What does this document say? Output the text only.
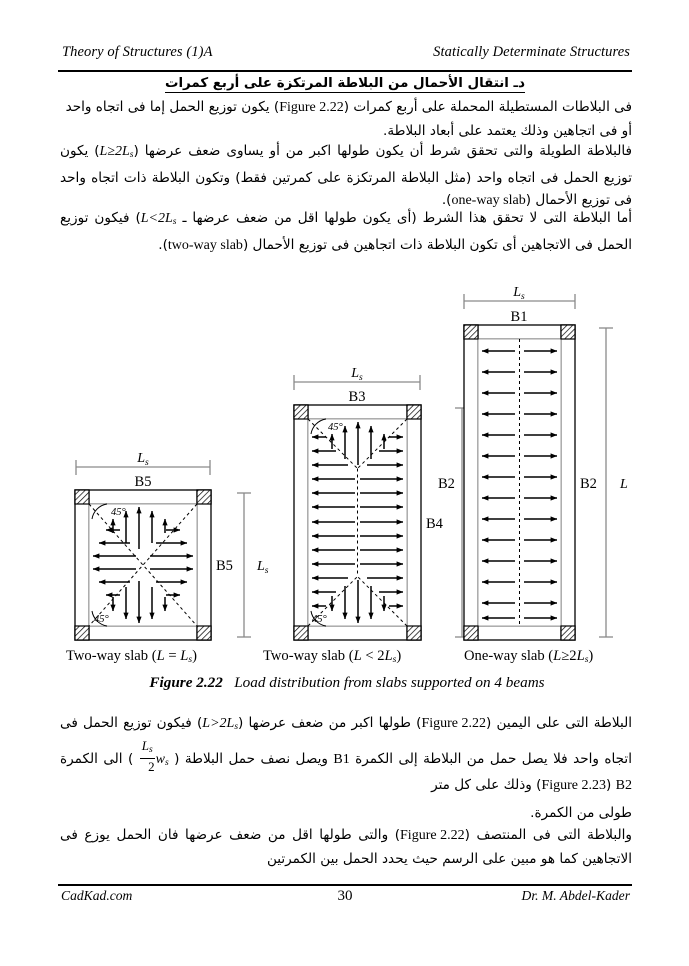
Theory of Structures (1)A	Statically Determinate Structures
دـ انتقال الأحمال من البلاطة المرتكزة على أربع كمرات
فى البلاطات المستطيلة المحملة على أربع كمرات (Figure 2.22) يكون توزيع الحمل إما فى اتجاه واحد أو فى اتجاهين وذلك يعتمد على أبعاد البلاطة.
فالبلاطة الطويلة والتى تحقق شرط أن يكون طولها اكبر من أو يساوى ضعف عرضها $(L\ge 2L_s)$ يكون توزيع الحمل فى اتجاه واحد (مثل البلاطة المرتكزة على كمرتين فقط) وتكون البلاطة ذات اتجاه واحد فى توزيع الأحمال (one-way slab).
أما البلاطة التى لا تحقق هذا الشرط (أى يكون طولها اقل من ضعف عرضها ـ $L<2L_s$) فيكون توزيع الحمل فى الاتجاهين أى تكون البلاطة ذات اتجاهين فى توزيع الأحمال (two-way slab).
45°
45°
B5
B5
$L_s$
$L_s$
45°
45°
B3
B4
$L_s$
B1
B2	B2
$L_s$
L
Two-way slab $(L = L_s)$	Two-way slab $(L < 2L_s)$	One-way slab $(L\ge 2L_s)$
Figure 2.22 Load distribution from slabs supported on 4 beams
البلاطة التى على اليمين (Figure 2.22) طولها اكبر من ضعف عرضها $(L>2L_s)$ فيكون توزيع الحمل فى اتجاه واحد فلا يصل حمل من البلاطة إلى الكمرة B1 ويصل نصف حمل البلاطة ( $w_s$
$\frac{L_s}{2}$
) الى الكمرة B2 (Figure 2.23) وذلك على كل متر
طولى من الكمرة.
والبلاطة التى فى المنتصف (Figure 2.22) والتى طولها اقل من ضعف عرضها فان الحمل يوزع فى الاتجاهين كما هو مبين على الرسم حيث يحدد الحمل بين الكمرتين
CadKad.com	30	Dr. M. Abdel-Kader
